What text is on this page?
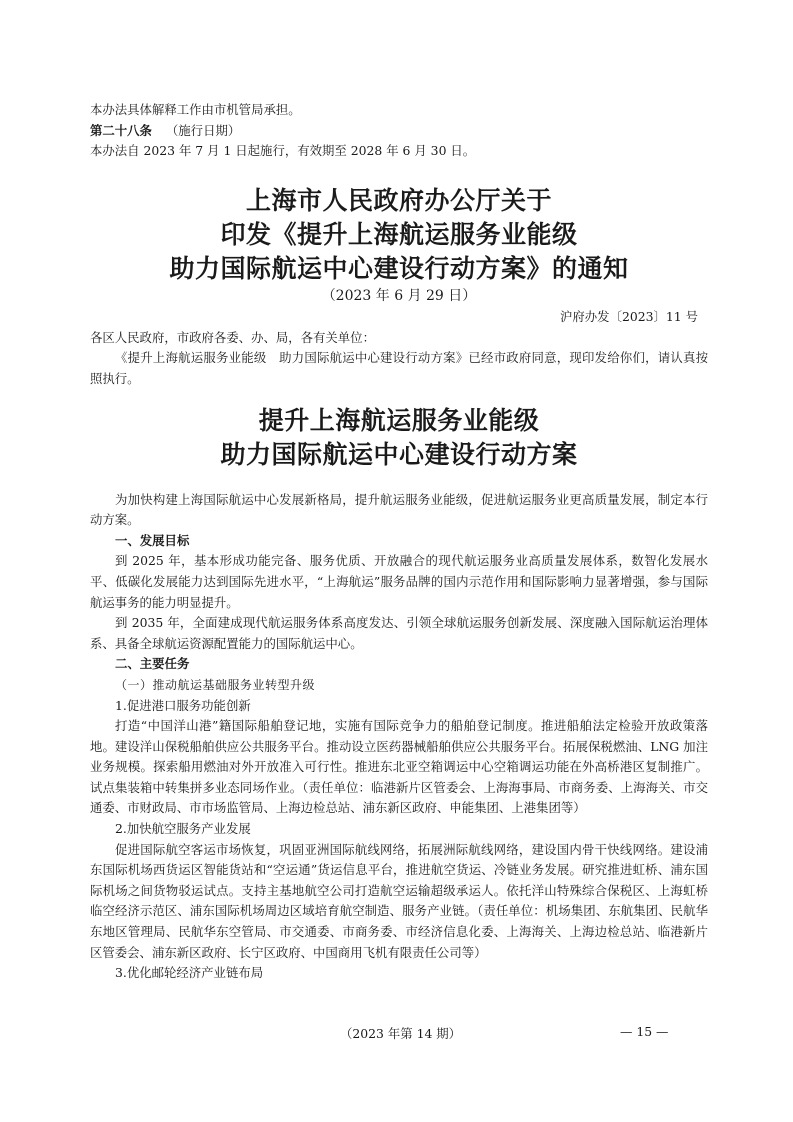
本办法具体解释工作由市机管局承担。

第二十八条 （施行日期）

本办法自 2023 年 7 月 1 日起施行，有效期至 2028 年 6 月 30 日。

上海市人民政府办公厅关于

印发《提升上海航运服务业能级

助力国际航运中心建设行动方案》的通知

（2023 年 6 月 29 日）

沪府办发〔2023〕11 号

各区人民政府，市政府各委、办、局，各有关单位：

《提升上海航运服务业能级　助力国际航运中心建设行动方案》已经市政府同意，现印发给你们，请认真按照执行。

提升上海航运服务业能级

助力国际航运中心建设行动方案

为加快构建上海国际航运中心发展新格局，提升航运服务业能级，促进航运服务业更高质量发展，制定本行动方案。

一、发展目标

到 2025 年，基本形成功能完备、服务优质、开放融合的现代航运服务业高质量发展体系，数智化发展水平、低碳化发展能力达到国际先进水平，“上海航运”服务品牌的国内示范作用和国际影响力显著增强，参与国际航运事务的能力明显提升。

到 2035 年，全面建成现代航运服务体系高度发达、引领全球航运服务创新发展、深度融入国际航运治理体系、具备全球航运资源配置能力的国际航运中心。

二、主要任务

（一）推动航运基础服务业转型升级

1.促进港口服务功能创新

打造“中国洋山港”籍国际船舶登记地，实施有国际竞争力的船舶登记制度。推进船舶法定检验开放政策落地。建设洋山保税船舶供应公共服务平台。推动设立医药器械船舶供应公共服务平台。拓展保税燃油、LNG 加注业务规模。探索船用燃油对外开放准入可行性。推进东北亚空箱调运中心空箱调运功能在外高桥港区复制推广。试点集装箱中转集拼多业态同场作业。（责任单位：临港新片区管委会、上海海事局、市商务委、上海海关、市交通委、市财政局、市市场监管局、上海边检总站、浦东新区政府、申能集团、上港集团等）

2.加快航空服务产业发展

促进国际航空客运市场恢复，巩固亚洲国际航线网络，拓展洲际航线网络，建设国内骨干快线网络。建设浦东国际机场西货运区智能货站和“空运通”货运信息平台，推进航空货运、冷链业务发展。研究推进虹桥、浦东国际机场之间货物驳运试点。支持主基地航空公司打造航空运输超级承运人。依托洋山特殊综合保税区、上海虹桥临空经济示范区、浦东国际机场周边区域培育航空制造、服务产业链。（责任单位：机场集团、东航集团、民航华东地区管理局、民航华东空管局、市交通委、市商务委、市经济信息化委、上海海关、上海边检总站、临港新片区管委会、浦东新区政府、长宁区政府、中国商用飞机有限责任公司等）

3.优化邮轮经济产业链布局

（2023 年第 14 期）	— 15 —
